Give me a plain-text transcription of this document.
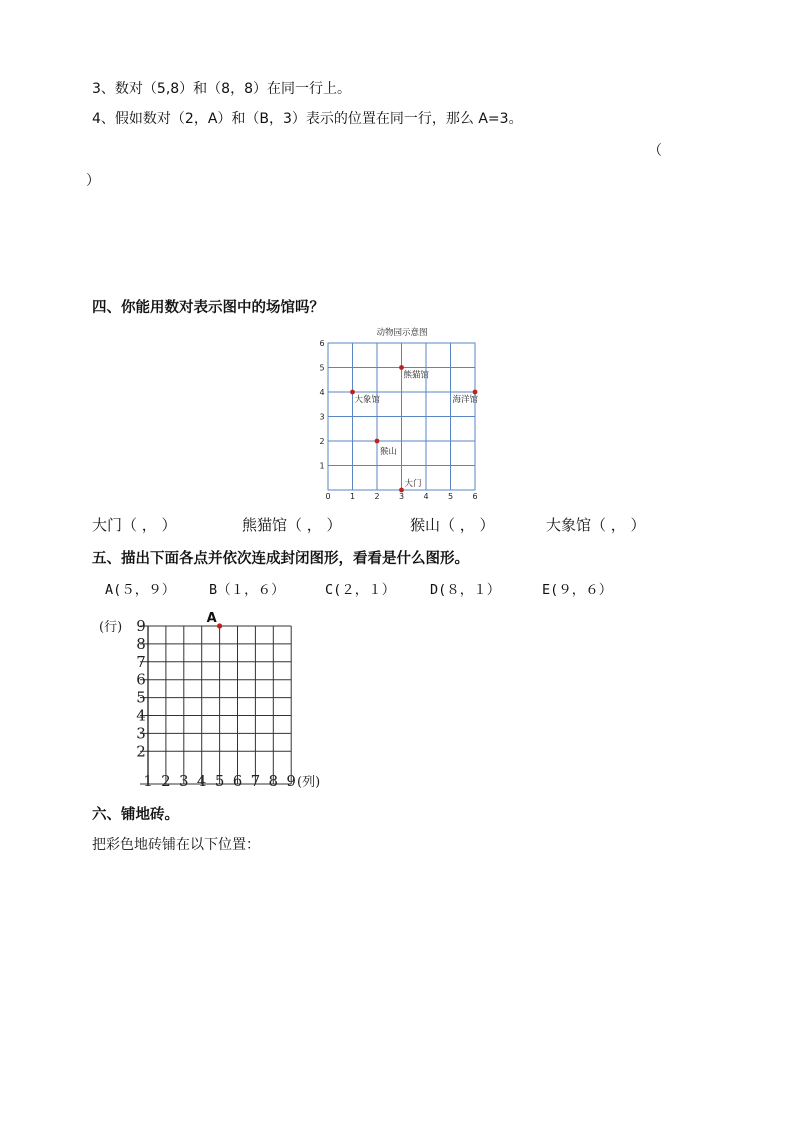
3、数对（5,8）和（8，8）在同一行上。
4、假如数对（2，A）和（B，3）表示的位置在同一行，那么 A=3。
（
）
四、你能用数对表示图中的场馆吗？
动物园示意图
0 1 2 3 4 5 6
1
2
3
4
5
6
熊猫馆
大象馆	海洋馆
猴山
大门
大门（ ， ）	熊猫馆（ ， ）	猴山（ ， ）	大象馆（ ， ）
五、描出下面各点并依次连成封闭图形，看看是什么图形。
A(５，９） B（１，６）	C(２，１）	D(８，１）	E(９，６）
(行)
2
3
4
5
6
7
8
9
1 2 3 4 5 6 7 8 9 (列)
A
六、铺地砖。
把彩色地砖铺在以下位置：
